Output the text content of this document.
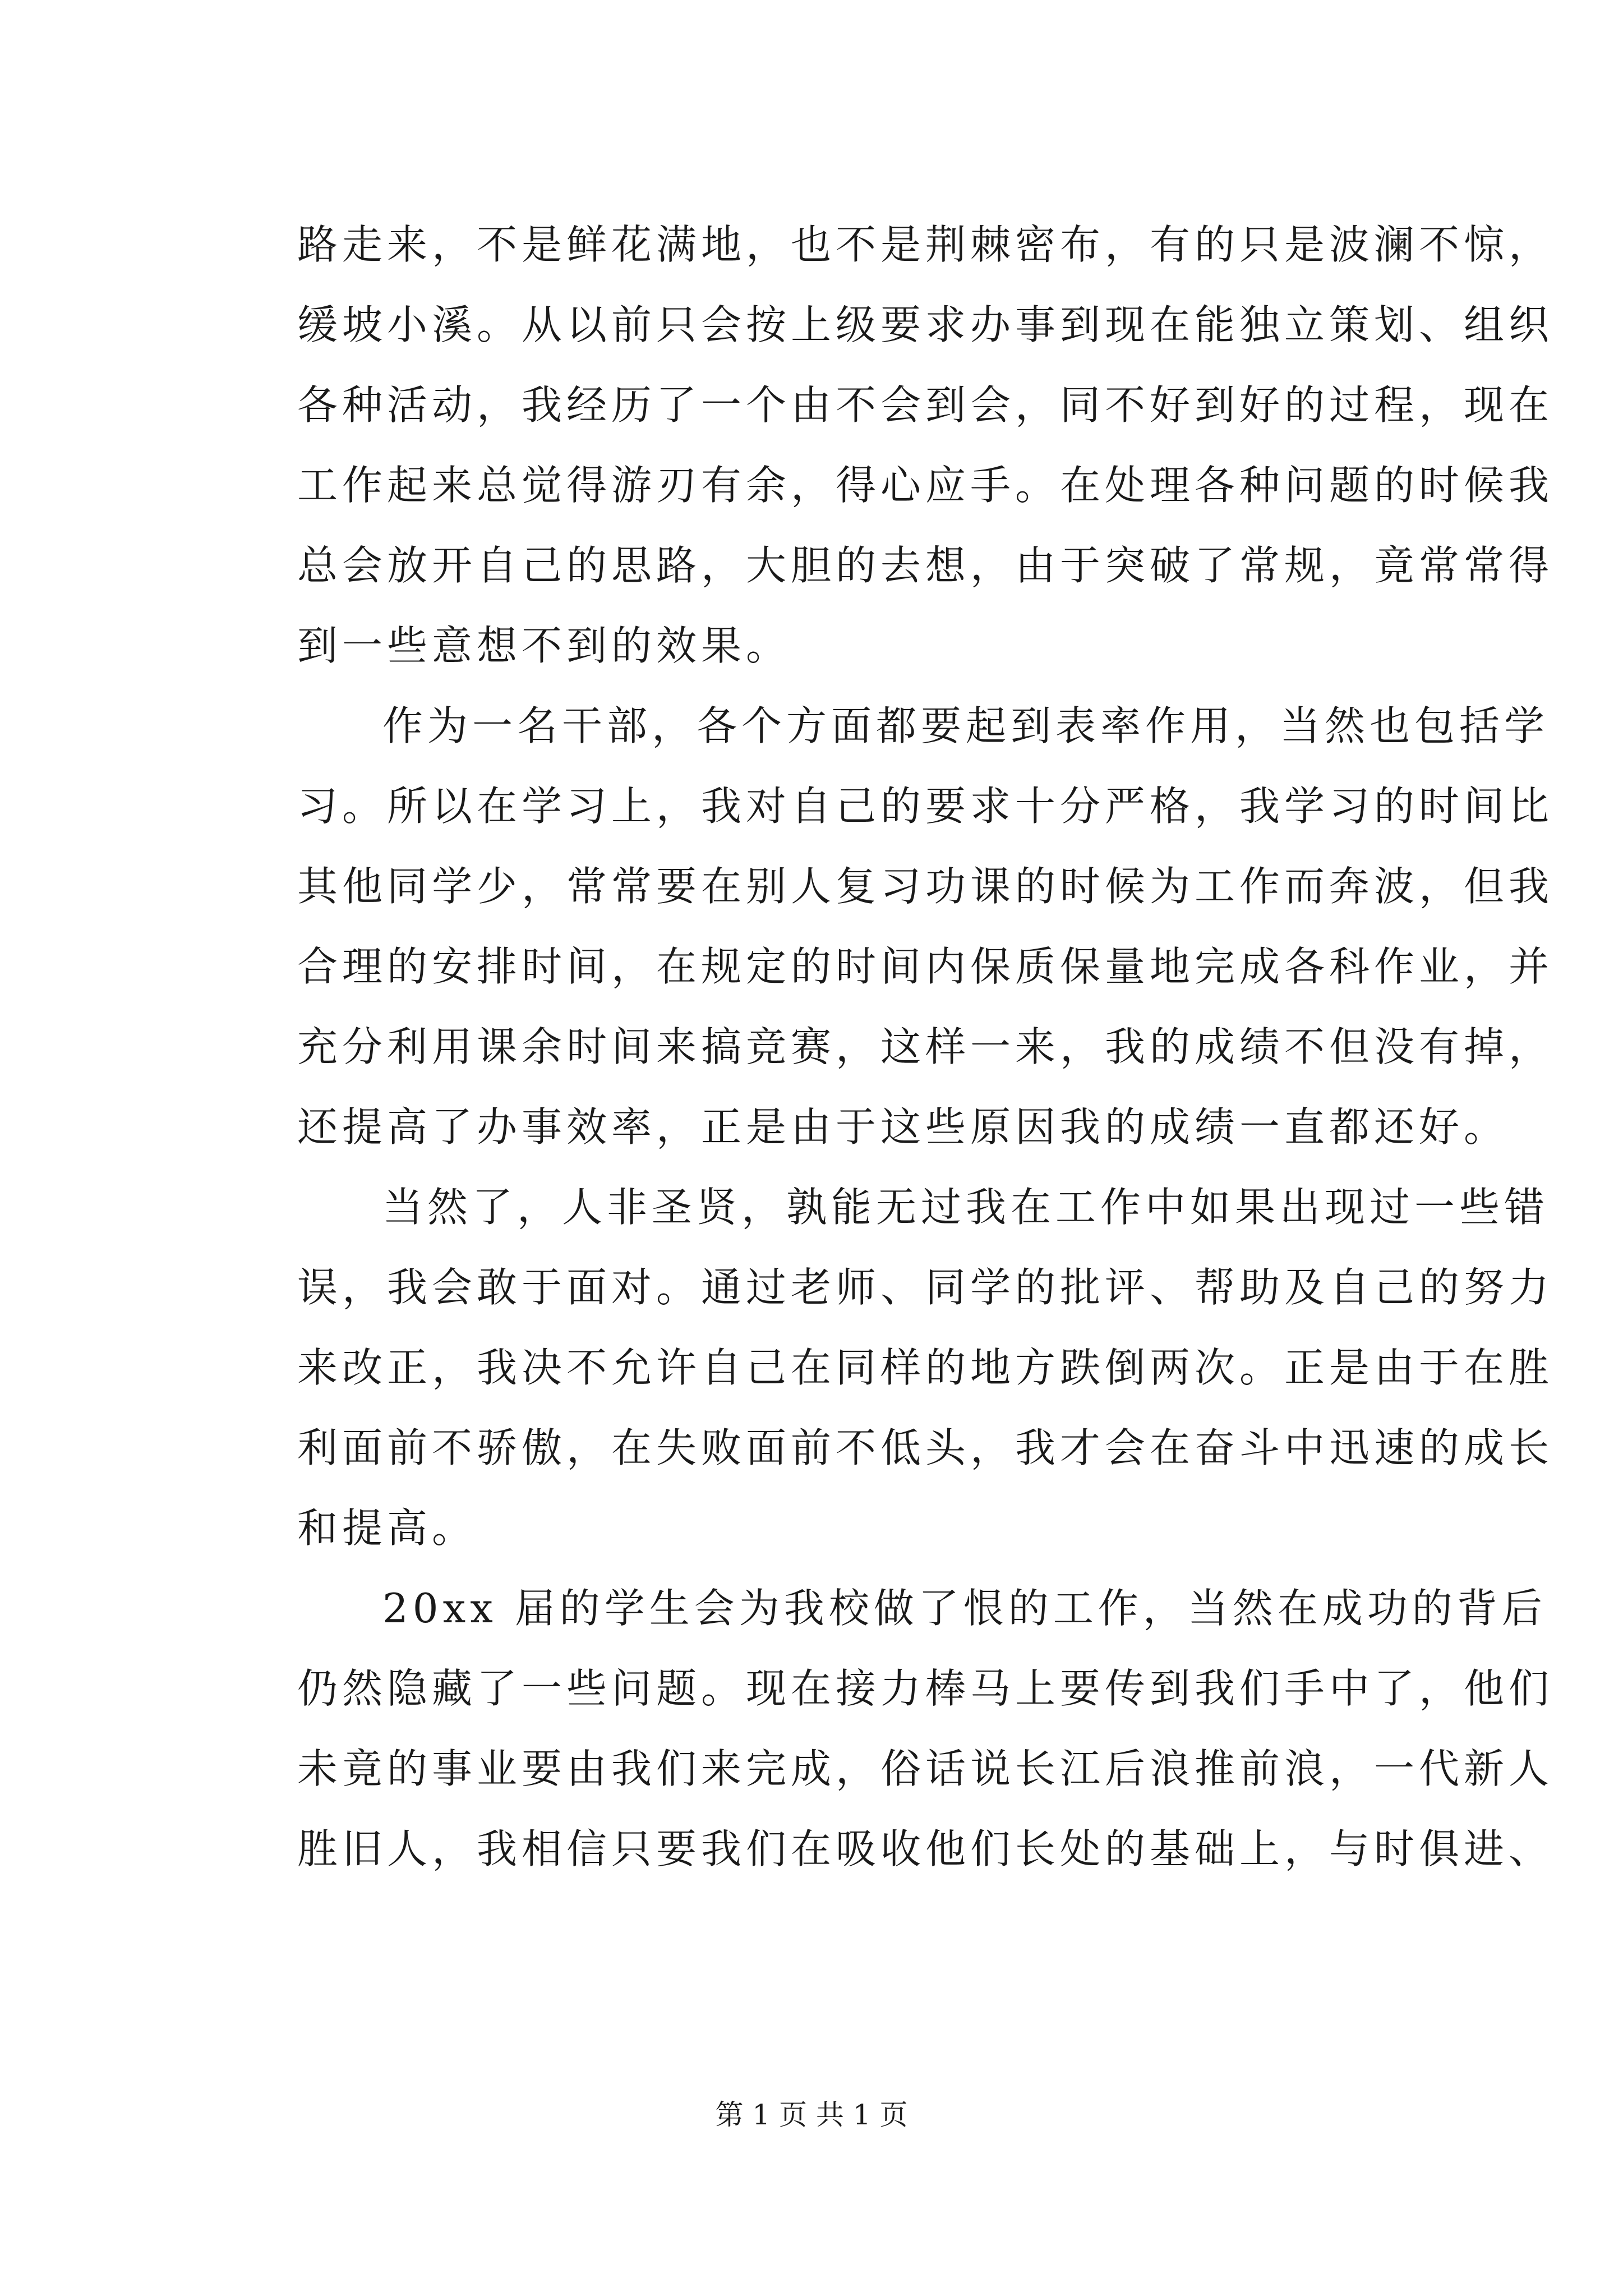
路走来，不是鲜花满地，也不是荆棘密布，有的只是波澜不惊，
缓坡小溪。从以前只会按上级要求办事到现在能独立策划、组织
各种活动，我经历了一个由不会到会，同不好到好的过程，现在
工作起来总觉得游刃有余，得心应手。在处理各种问题的时候我
总会放开自己的思路，大胆的去想，由于突破了常规，竟常常得
到一些意想不到的效果。
作为一名干部，各个方面都要起到表率作用，当然也包括学
习。所以在学习上，我对自己的要求十分严格，我学习的时间比
其他同学少，常常要在别人复习功课的时候为工作而奔波，但我
合理的安排时间，在规定的时间内保质保量地完成各科作业，并
充分利用课余时间来搞竞赛，这样一来，我的成绩不但没有掉，
还提高了办事效率，正是由于这些原因我的成绩一直都还好。
当然了，人非圣贤，孰能无过我在工作中如果出现过一些错
误，我会敢于面对。通过老师、同学的批评、帮助及自己的努力
来改正，我决不允许自己在同样的地方跌倒两次。正是由于在胜
利面前不骄傲，在失败面前不低头，我才会在奋斗中迅速的成长
和提高。
20xx 届的学生会为我校做了恨的工作，当然在成功的背后
仍然隐藏了一些问题。现在接力棒马上要传到我们手中了，他们
未竟的事业要由我们来完成，俗话说长江后浪推前浪，一代新人
胜旧人，我相信只要我们在吸收他们长处的基础上，与时俱进、
第 1 页 共 1 页
